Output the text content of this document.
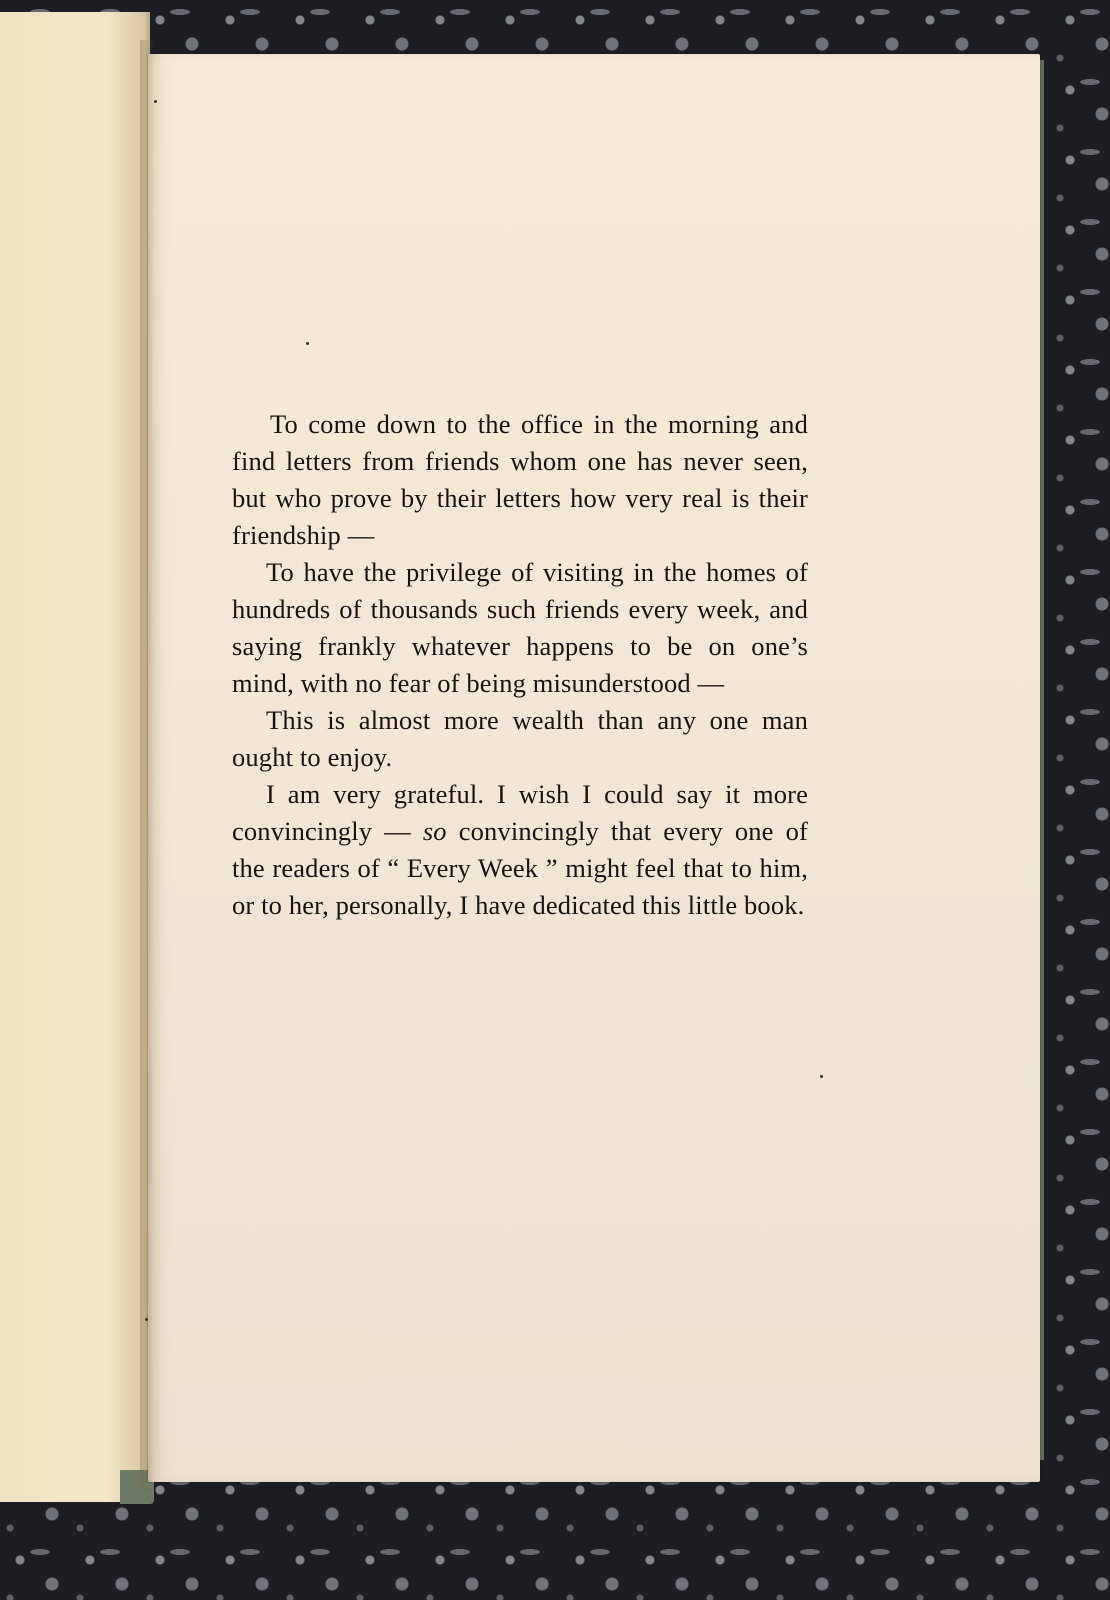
To come down to the office in the morning and find letters from friends whom one has never seen, but who prove by their letters how very real is their friendship —

To have the privilege of visiting in the homes of hundreds of thousands such friends every week, and saying frankly whatever happens to be on one’s mind, with no fear of being misunderstood —

This is almost more wealth than any one man ought to enjoy.

I am very grateful. I wish I could say it more convincingly — so convincingly that every one of the readers of “ Every Week ” might feel that to him, or to her, personally, I have dedicated this little book.
